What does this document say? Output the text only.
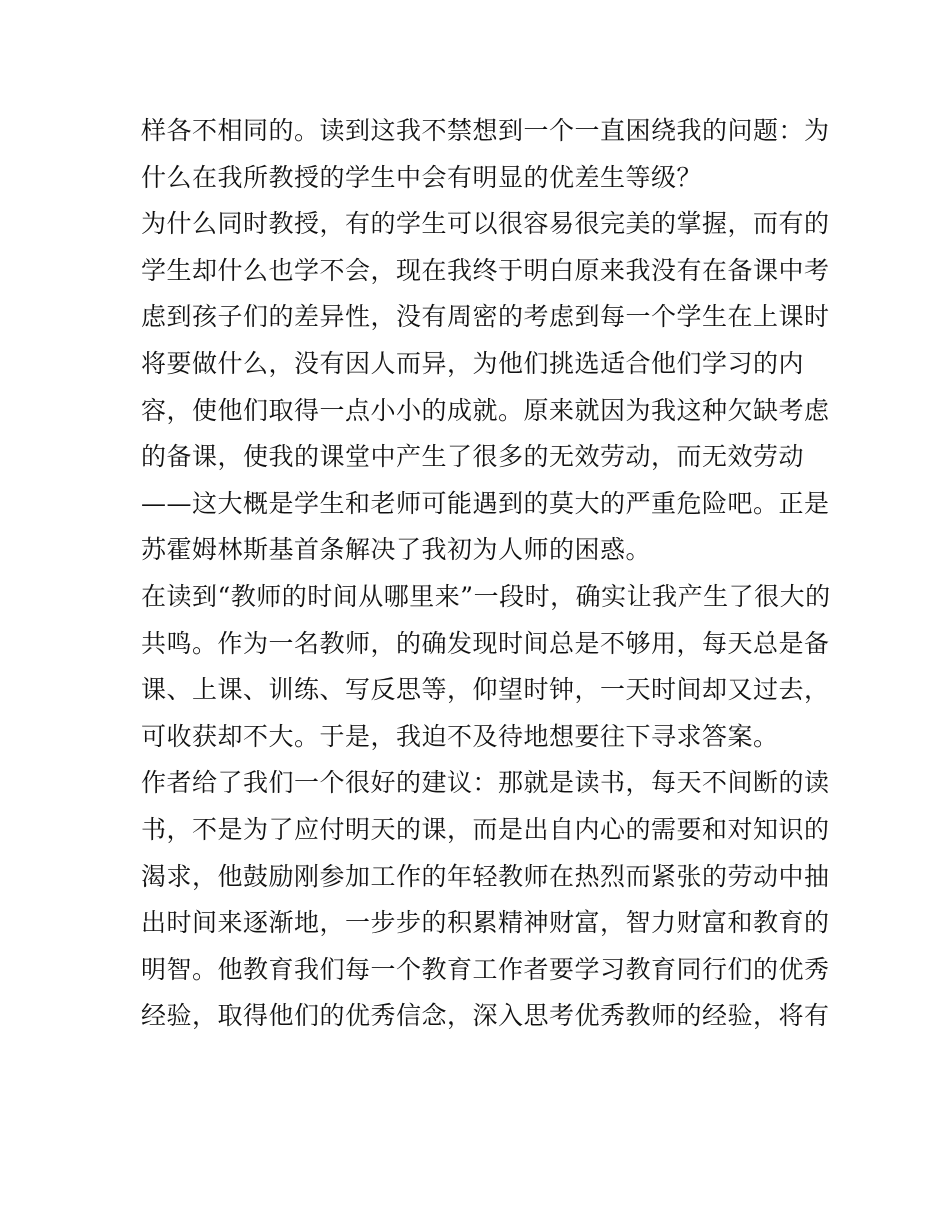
样各不相同的。读到这我不禁想到一个一直困绕我的问题：为
什么在我所教授的学生中会有明显的优差生等级？
为什么同时教授，有的学生可以很容易很完美的掌握，而有的
学生却什么也学不会，现在我终于明白原来我没有在备课中考
虑到孩子们的差异性，没有周密的考虑到每一个学生在上课时
将要做什么，没有因人而异，为他们挑选适合他们学习的内
容，使他们取得一点小小的成就。原来就因为我这种欠缺考虑
的备课，使我的课堂中产生了很多的无效劳动，而无效劳动
——这大概是学生和老师可能遇到的莫大的严重危险吧。正是
苏霍姆林斯基首条解决了我初为人师的困惑。
在读到“教师的时间从哪里来”一段时，确实让我产生了很大的
共鸣。作为一名教师，的确发现时间总是不够用，每天总是备
课、上课、训练、写反思等，仰望时钟，一天时间却又过去，
可收获却不大。于是，我迫不及待地想要往下寻求答案。
作者给了我们一个很好的建议：那就是读书，每天不间断的读
书，不是为了应付明天的课，而是出自内心的需要和对知识的
渴求，他鼓励刚参加工作的年轻教师在热烈而紧张的劳动中抽
出时间来逐渐地，一步步的积累精神财富，智力财富和教育的
明智。他教育我们每一个教育工作者要学习教育同行们的优秀
经验，取得他们的优秀信念，深入思考优秀教师的经验，将有
